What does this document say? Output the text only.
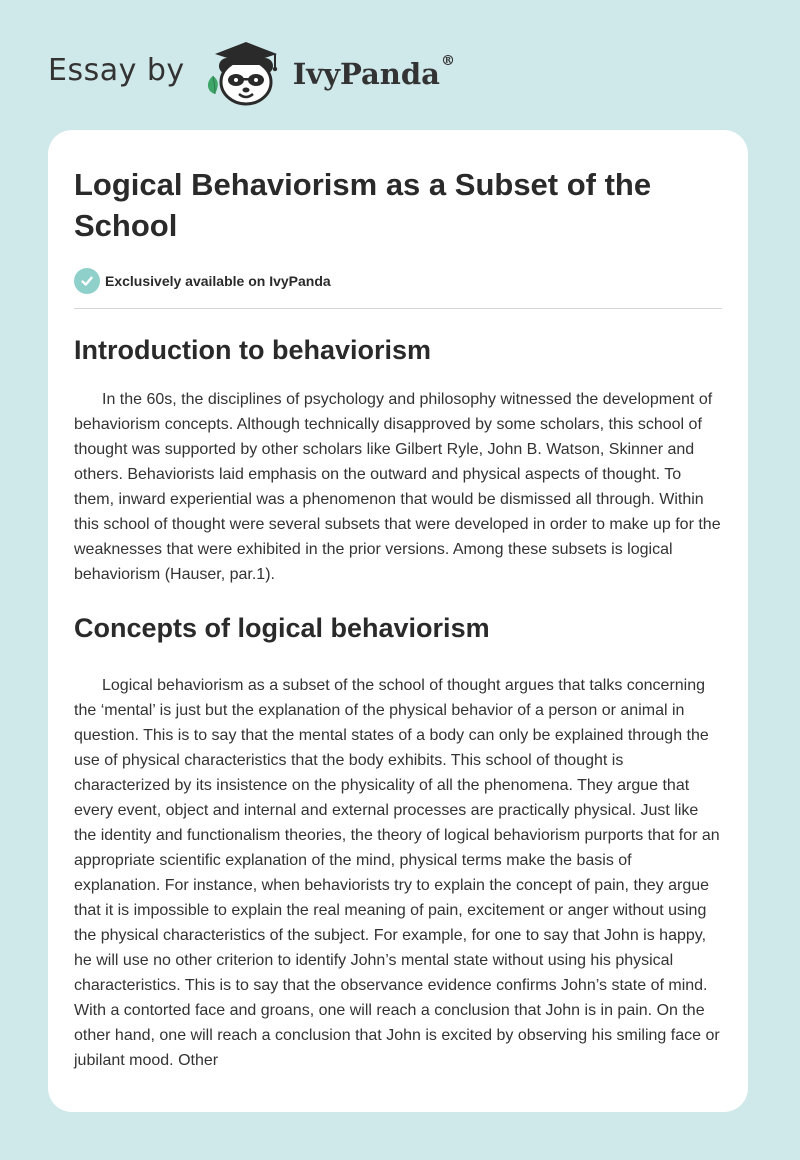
Essay by	IvyPanda®
Logical Behaviorism as a Subset of the School
Exclusively available on IvyPanda
Introduction to behaviorism

In the 60s, the disciplines of psychology and philosophy witnessed the development of behaviorism concepts. Although technically disapproved by some scholars, this school of thought was supported by other scholars like Gilbert Ryle, John B. Watson, Skinner and others. Behaviorists laid emphasis on the outward and physical aspects of thought. To them, inward experiential was a phenomenon that would be dismissed all through. Within this school of thought were several subsets that were developed in order to make up for the weaknesses that were exhibited in the prior versions. Among these subsets is logical behaviorism (Hauser, par.1).

Concepts of logical behaviorism

Logical behaviorism as a subset of the school of thought argues that talks concerning the ‘mental’ is just but the explanation of the physical behavior of a person or animal in question. This is to say that the mental states of a body can only be explained through the use of physical characteristics that the body exhibits. This school of thought is characterized by its insistence on the physicality of all the phenomena. They argue that every event, object and internal and external processes are practically physical. Just like the identity and functionalism theories, the theory of logical behaviorism purports that for an appropriate scientific explanation of the mind, physical terms make the basis of explanation. For instance, when behaviorists try to explain the concept of pain, they argue that it is impossible to explain the real meaning of pain, excitement or anger without using the physical characteristics of the subject. For example, for one to say that John is happy, he will use no other criterion to identify John’s mental state without using his physical characteristics. This is to say that the observance evidence confirms John’s state of mind. With a contorted face and groans, one will reach a conclusion that John is in pain. On the other hand, one will reach a conclusion that John is excited by observing his smiling face or jubilant mood. Other
